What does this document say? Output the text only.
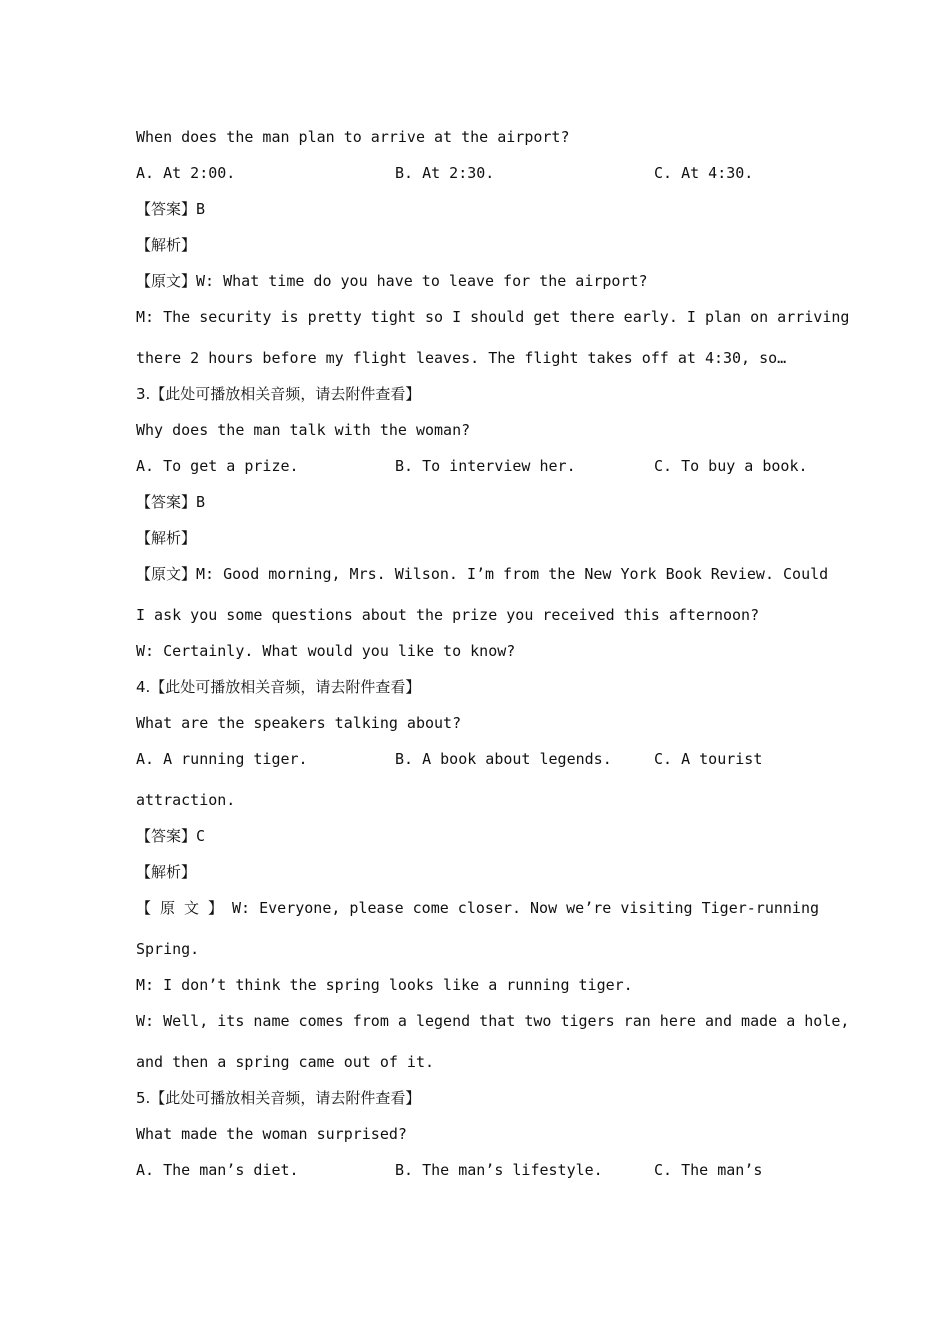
When does the man plan to arrive at the airport?
A. At 2:00.	B. At 2:30.	C. At 4:30.
【答案】B
【解析】
【原文】W: What time do you have to leave for the airport?
M: The security is pretty tight so I should get there early. I plan on arriving
there 2 hours before my flight leaves. The flight takes off at 4:30, so…
3.【此处可播放相关音频，请去附件查看】
Why does the man talk with the woman?
A. To get a prize.	B. To interview her.	C. To buy a book.
【答案】B
【解析】
【原文】M: Good morning, Mrs. Wilson. I’m from the New York Book Review. Could
I ask you some questions about the prize you received this afternoon?
W: Certainly. What would you like to know?
4.【此处可播放相关音频，请去附件查看】
What are the speakers talking about?
A. A running tiger.	B. A book about legends.	C. A tourist
attraction.
【答案】C
【解析】
【原文】W: Everyone, please come closer. Now we’re visiting Tiger-running
Spring.
M: I don’t think the spring looks like a running tiger.
W: Well, its name comes from a legend that two tigers ran here and made a hole,
and then a spring came out of it.
5.【此处可播放相关音频，请去附件查看】
What made the woman surprised?
A. The man’s diet.	B. The man’s lifestyle.	C. The man’s
